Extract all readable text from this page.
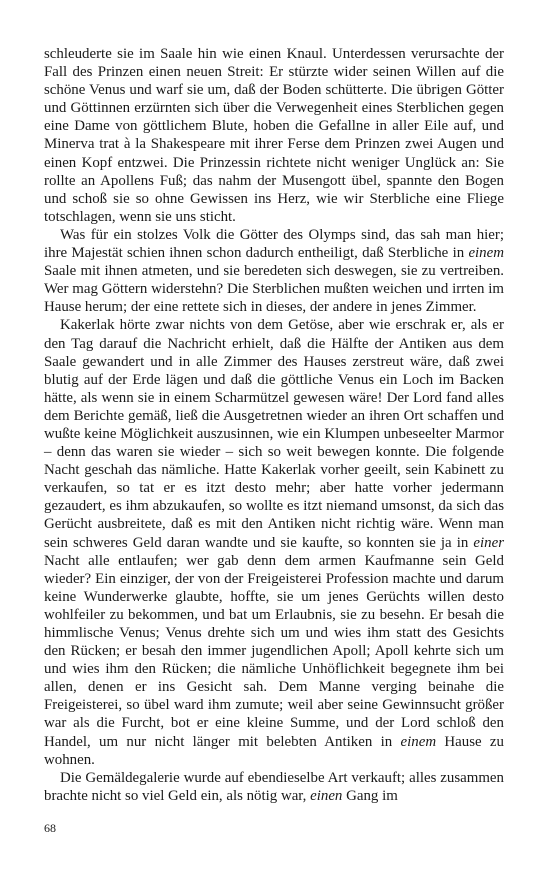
schleuderte sie im Saale hin wie einen Knaul. Unterdessen verursachte der Fall des Prinzen einen neuen Streit: Er stürzte wider seinen Willen auf die schöne Venus und warf sie um, daß der Boden schütterte. Die übrigen Götter und Göttinnen erzürnten sich über die Verwegenheit eines Sterblichen gegen eine Dame von göttlichem Blute, hoben die Gefallne in aller Eile auf, und Minerva trat à la Shakespeare mit ihrer Ferse dem Prinzen zwei Augen und einen Kopf entzwei. Die Prinzessin richtete nicht weniger Unglück an: Sie rollte an Apollens Fuß; das nahm der Musengott übel, spannte den Bogen und schoß sie so ohne Gewissen ins Herz, wie wir Sterbliche eine Fliege totschlagen, wenn sie uns sticht.

Was für ein stolzes Volk die Götter des Olymps sind, das sah man hier; ihre Majestät schien ihnen schon dadurch entheiligt, daß Sterbliche in einem Saale mit ihnen atmeten, und sie beredeten sich deswegen, sie zu vertreiben. Wer mag Göttern widerstehn? Die Sterblichen mußten weichen und irrten im Hause herum; der eine rettete sich in dieses, der andere in jenes Zimmer.

Kakerlak hörte zwar nichts von dem Getöse, aber wie erschrak er, als er den Tag darauf die Nachricht erhielt, daß die Hälfte der Antiken aus dem Saale gewandert und in alle Zimmer des Hauses zerstreut wäre, daß zwei blutig auf der Erde lägen und daß die göttliche Venus ein Loch im Backen hätte, als wenn sie in einem Scharmützel gewesen wäre! Der Lord fand alles dem Berichte gemäß, ließ die Ausgetretnen wieder an ihren Ort schaffen und wußte keine Möglichkeit auszusinnen, wie ein Klumpen unbeseelter Marmor – denn das waren sie wieder – sich so weit bewegen konnte. Die folgende Nacht geschah das nämliche. Hatte Kakerlak vorher geeilt, sein Kabinett zu verkaufen, so tat er es itzt desto mehr; aber hatte vorher jedermann gezaudert, es ihm abzukaufen, so wollte es itzt niemand umsonst, da sich das Gerücht ausbreitete, daß es mit den Antiken nicht richtig wäre. Wenn man sein schweres Geld daran wandte und sie kaufte, so konnten sie ja in einer Nacht alle entlaufen; wer gab denn dem armen Kaufmanne sein Geld wieder? Ein einziger, der von der Freigeisterei Profession machte und darum keine Wunderwerke glaubte, hoffte, sie um jenes Gerüchts willen desto wohlfeiler zu bekommen, und bat um Erlaubnis, sie zu besehn. Er besah die himmlische Venus; Venus drehte sich um und wies ihm statt des Gesichts den Rücken; er besah den immer jugendlichen Apoll; Apoll kehrte sich um und wies ihm den Rücken; die nämliche Unhöflichkeit begegnete ihm bei allen, denen er ins Gesicht sah. Dem Manne verging beinahe die Freigeisterei, so übel ward ihm zumute; weil aber seine Gewinnsucht größer war als die Furcht, bot er eine kleine Summe, und der Lord schloß den Handel, um nur nicht länger mit belebten Antiken in einem Hause zu wohnen.

Die Gemäldegalerie wurde auf ebendieselbe Art verkauft; alles zusammen brachte nicht so viel Geld ein, als nötig war, einen Gang im

68
